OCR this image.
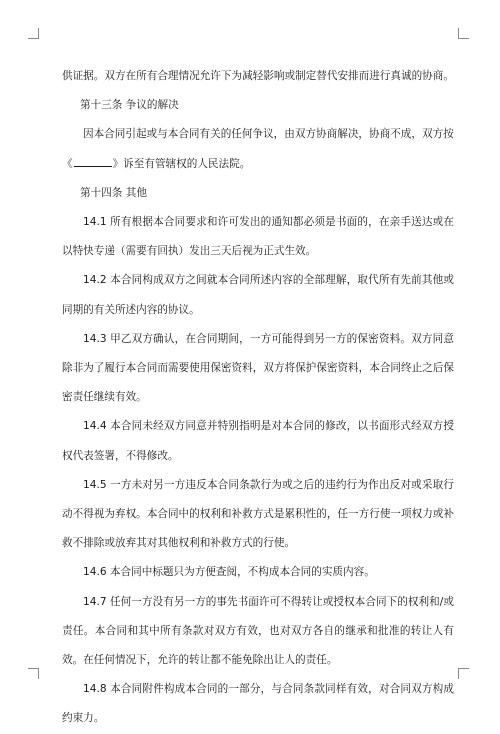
供证据。双方在所有合理情况允许下为减轻影响或制定替代安排而进行真诚的协商。

第十三条 争议的解决

因本合同引起或与本合同有关的任何争议，由双方协商解决，协商不成，双方按

《	》诉至有管辖权的人民法院。

第十四条 其他

14.1 所有根据本合同要求和许可发出的通知都必须是书面的，在亲手送达或在以特快专递（需要有回执）发出三天后视为正式生效。

14.2 本合同构成双方之间就本合同所述内容的全部理解，取代所有先前其他或同期的有关所述内容的协议。

14.3 甲乙双方确认，在合同期间，一方可能得到另一方的保密资料。双方同意除非为了履行本合同而需要使用保密资料，双方将保护保密资料，本合同终止之后保密责任继续有效。

14.4 本合同未经双方同意并特别指明是对本合同的修改，以书面形式经双方授权代表签署，不得修改。

14.5 一方未对另一方违反本合同条款行为或之后的违约行为作出反对或采取行动不得视为弃权。本合同中的权利和补救方式是累积性的，任一方行使一项权力或补救不排除或放弃其对其他权利和补救方式的行使。

14.6 本合同中标题只为方便查阅，不构成本合同的实质内容。

14.7 任何一方没有另一方的事先书面许可不得转让或授权本合同下的权利和/或责任。本合同和其中所有条款对双方有效，也对双方各自的继承和批准的转让人有效。在任何情况下，允许的转让都不能免除出让人的责任。

14.8 本合同附件构成本合同的一部分，与合同条款同样有效，对合同双方构成约束力。
